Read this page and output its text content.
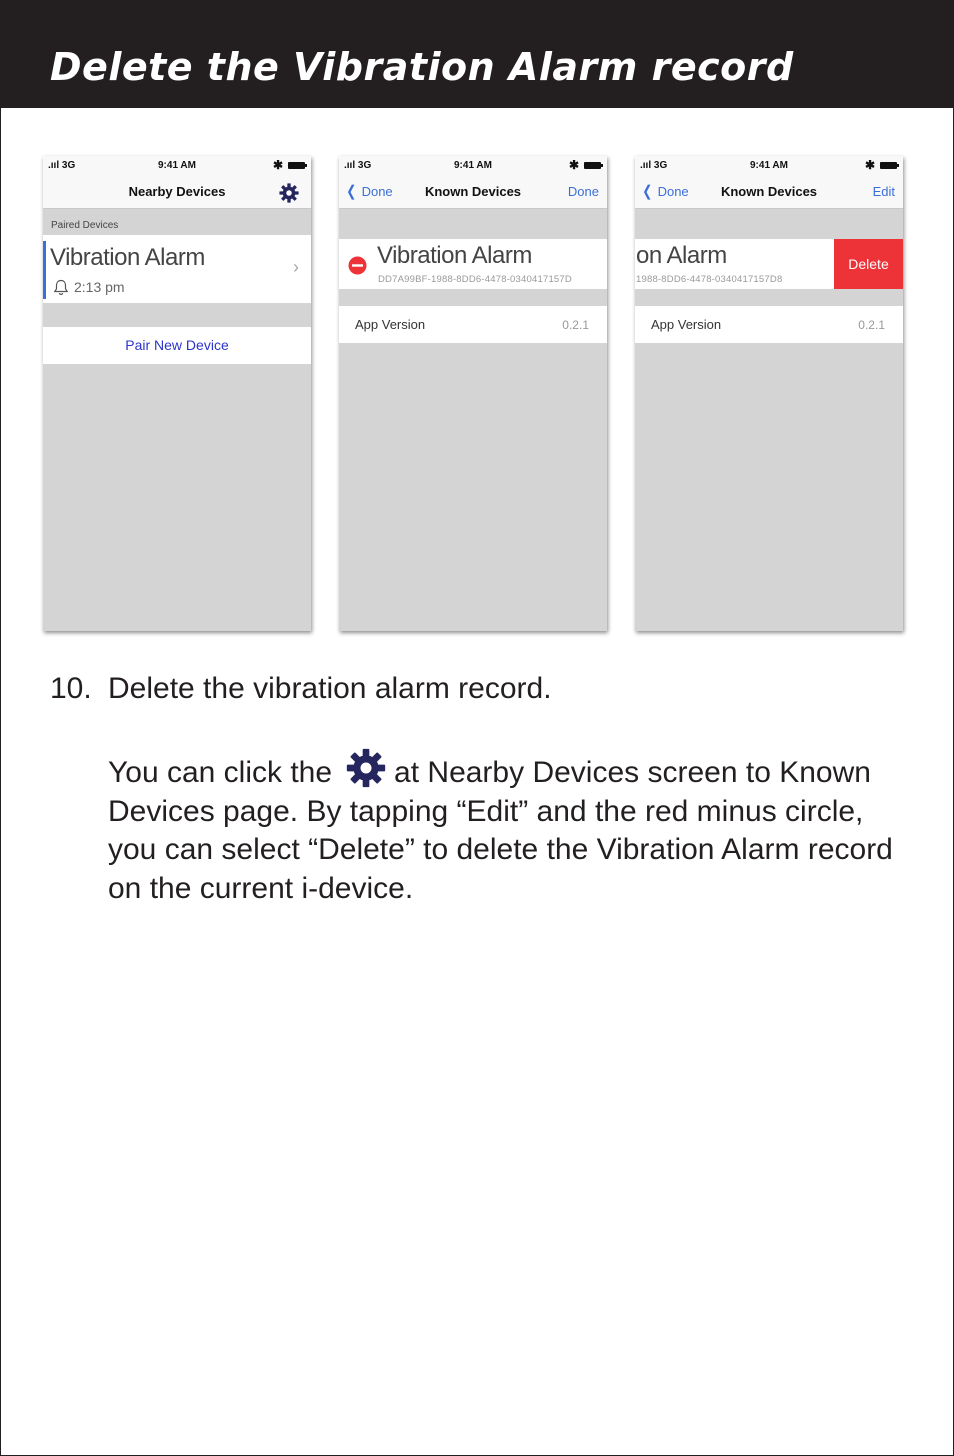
Delete the Vibration Alarm record
.ııl 3G	9:41 AM	✱
Nearby Devices
Paired Devices
Vibration Alarm
2:13 pm
›
Pair New Device
.ııl 3G	9:41 AM	✱
❮ Done	Known Devices	Done
Vibration Alarm
DD7A99BF-1988-8DD6-4478-0340417157D
App Version	0.2.1
.ııl 3G	9:41 AM	✱
❮ Done	Known Devices	Edit
on Alarm
1988-8DD6-4478-0340417157D8
Delete
App Version	0.2.1
10. Delete the vibration alarm record.
You can click the at Nearby Devices screen to Known Devices page. By tapping “Edit” and the red minus circle, you can select “Delete” to delete the Vibration Alarm record on the current i-device.
